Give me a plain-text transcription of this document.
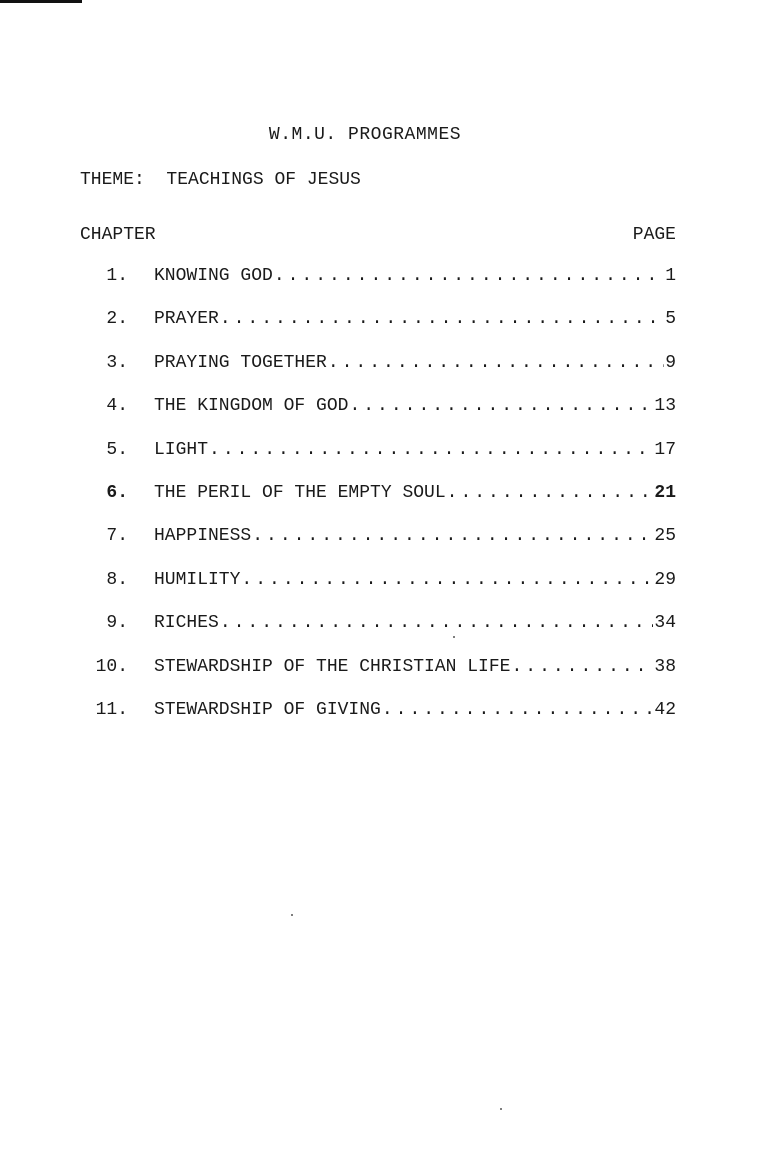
W.M.U. PROGRAMMES
THEME: TEACHINGS OF JESUS
CHAPTER	PAGE
1. KNOWING GOD .....	1
2. PRAYER .....	5
3. PRAYING TOGETHER .....	9
4. THE KINGDOM OF GOD .....	13
5. LIGHT .....	17
6. THE PERIL OF THE EMPTY SOUL .....	21
7. HAPPINESS .....	25
8. HUMILITY .....	29
9. RICHES .....	34
10. STEWARDSHIP OF THE CHRISTIAN LIFE .....	38
11. STEWARDSHIP OF GIVING .....	42
